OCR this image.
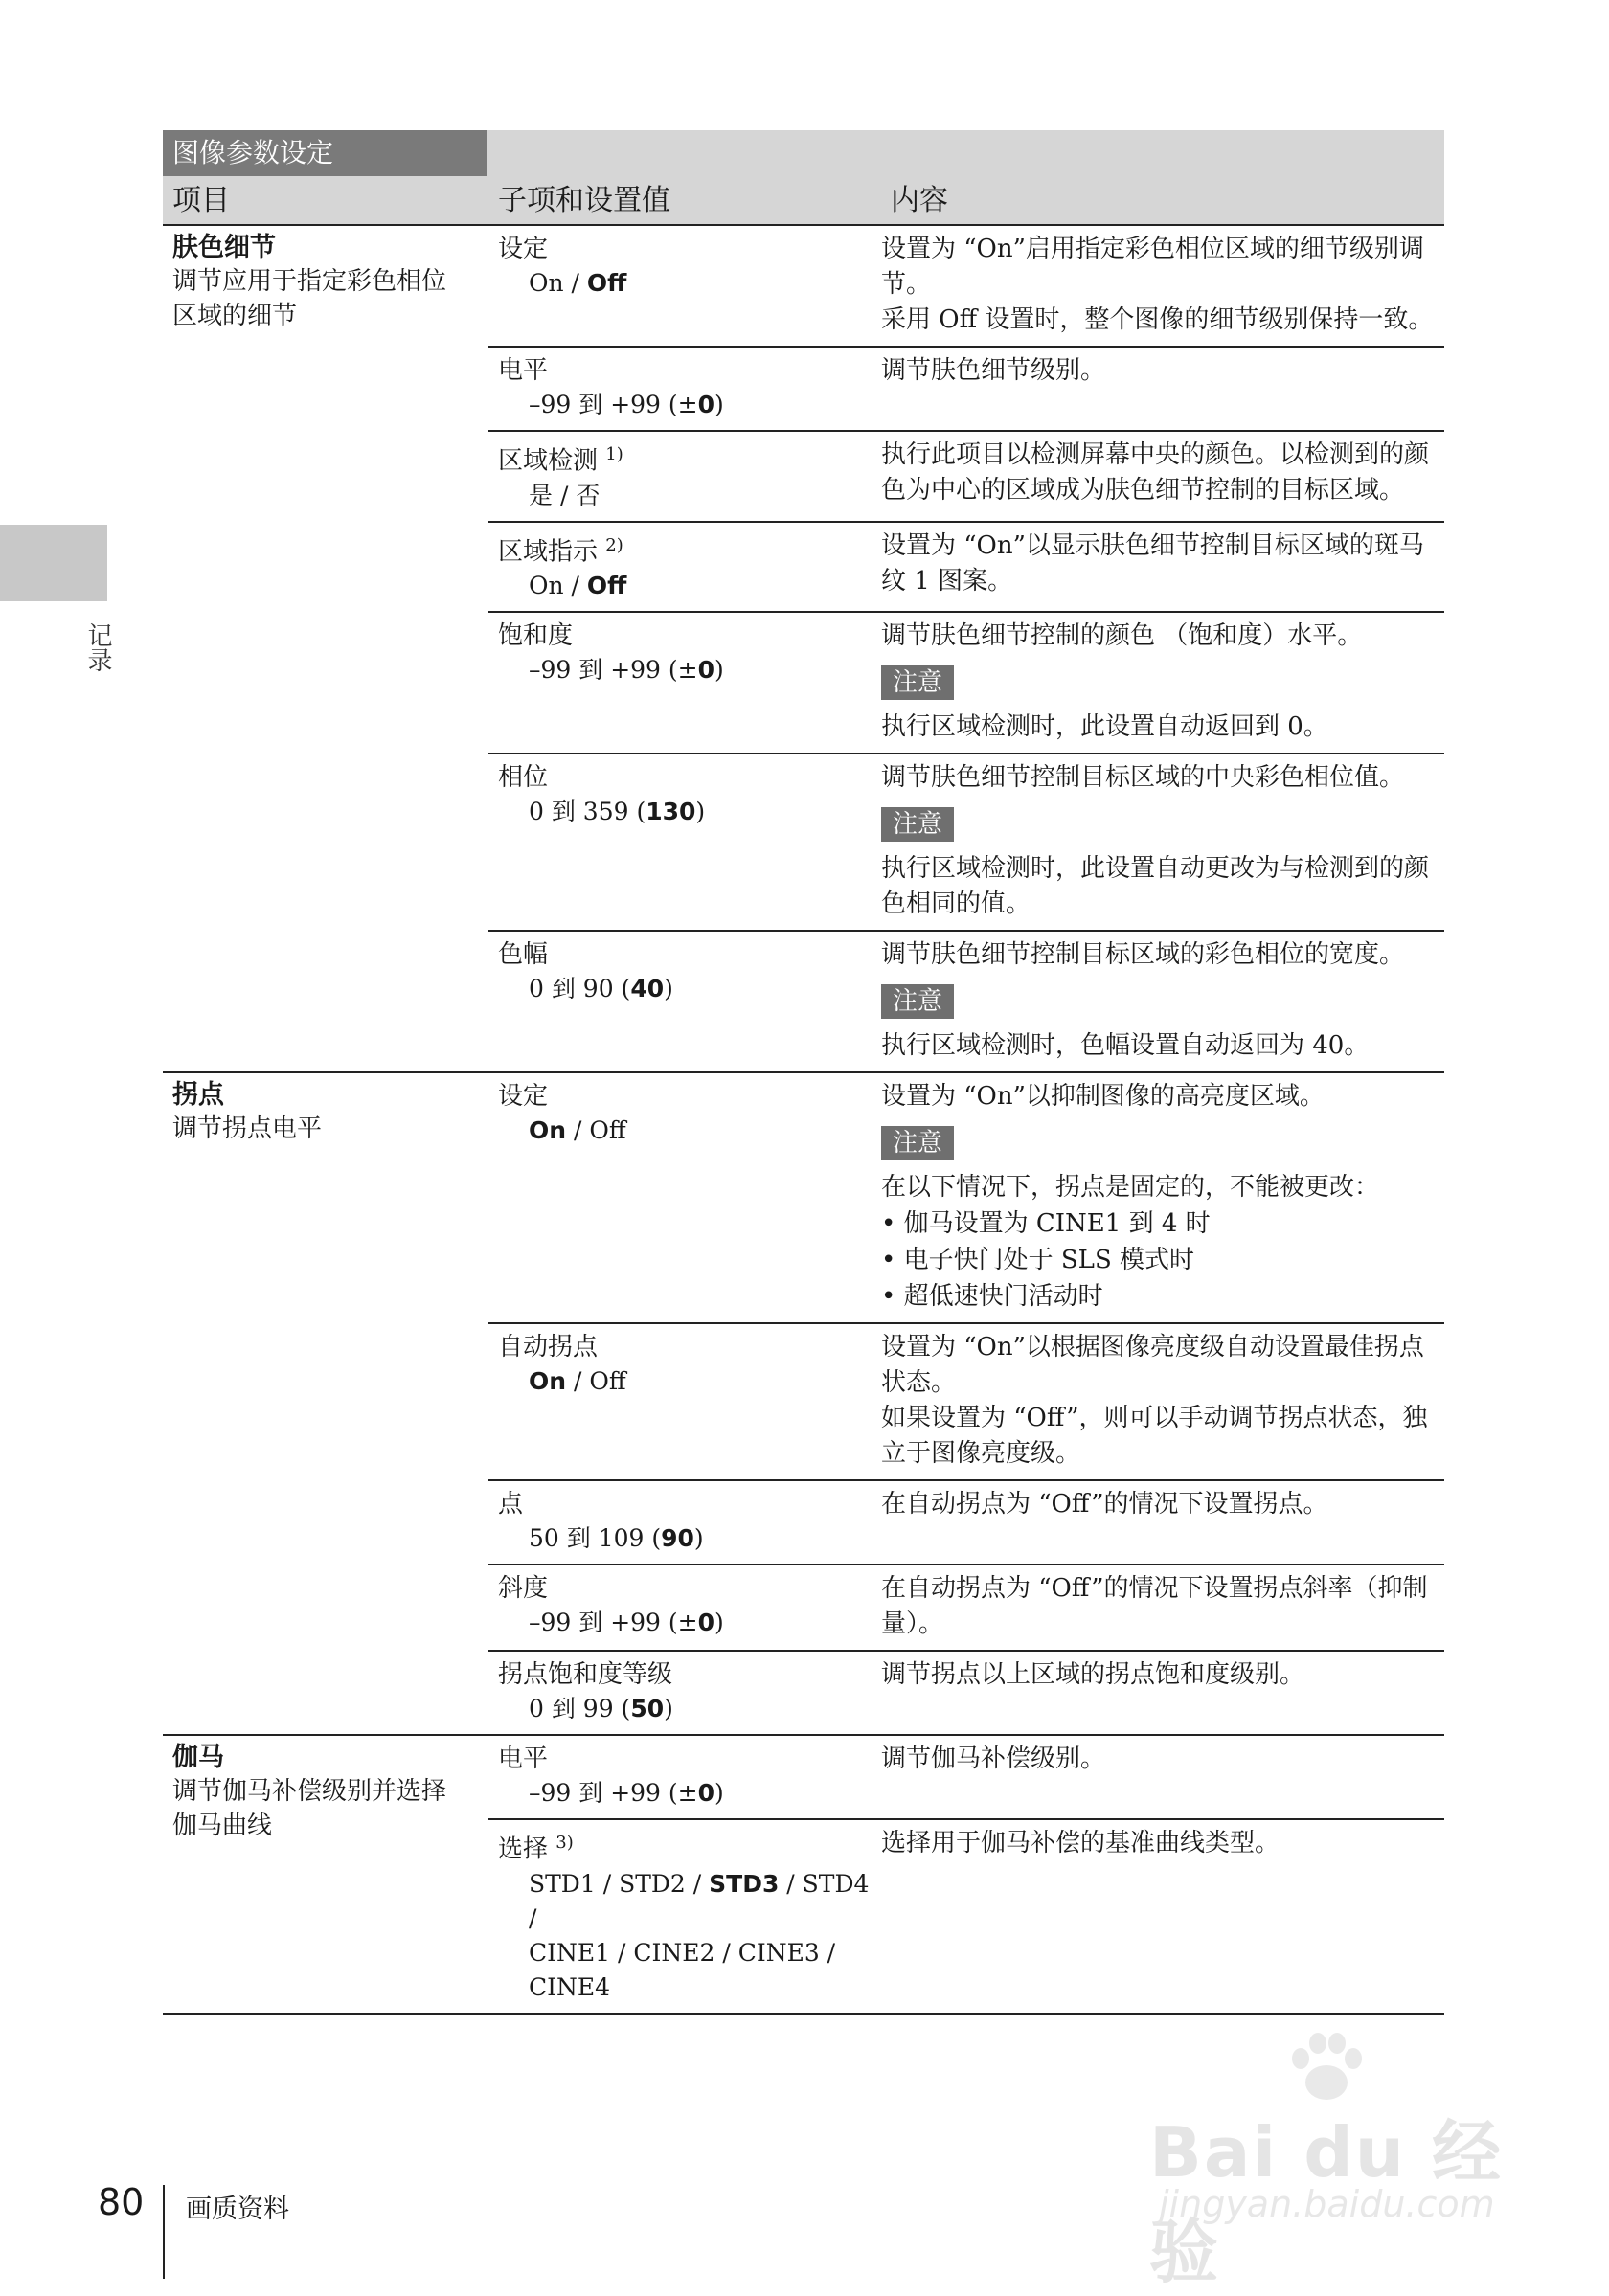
记录
图像参数设定
项目	子项和设置值	内容
肤色细节
调节应用于指定彩色相位
区域的细节
设定
On / Off

设置为 “On”启用指定彩色相位区域的细节级别调节。

采用 Off 设置时，整个图像的细节级别保持一致。

电平
–99 到 +99 (±0)

调节肤色细节级别。

区域检测 $^{1)}$
是 / 否

执行此项目以检测屏幕中央的颜色。以检测到的颜色为中心的区域成为肤色细节控制的目标区域。

区域指示 $^{2)}$
On / Off

设置为 “On”以显示肤色细节控制目标区域的斑马纹 1 图案。

饱和度
–99 到 +99 (±0)

调节肤色细节控制的颜色 （饱和度）水平。

注意

执行区域检测时，此设置自动返回到 0。

相位
0 到 359 (130)

调节肤色细节控制目标区域的中央彩色相位值。

注意

执行区域检测时，此设置自动更改为与检测到的颜色相同的值。

色幅
0 到 90 (40)

调节肤色细节控制目标区域的彩色相位的宽度。

注意

执行区域检测时，色幅设置自动返回为 40。

拐点
调节拐点电平
设定
On / Off

设置为 “On”以抑制图像的高亮度区域。

注意

在以下情况下，拐点是固定的，不能被更改：

• 伽马设置为 CINE1 到 4 时
• 电子快门处于 SLS 模式时
• 超低速快门活动时
自动拐点
On / Off

设置为 “On”以根据图像亮度级自动设置最佳拐点状态。

如果设置为 “Off”，则可以手动调节拐点状态，独立于图像亮度级。

点
50 到 109 (90)

在自动拐点为 “Off”的情况下设置拐点。

斜度
–99 到 +99 (±0)

在自动拐点为 “Off”的情况下设置拐点斜率（抑制量）。

拐点饱和度等级
0 到 99 (50)

调节拐点以上区域的拐点饱和度级别。

伽马
调节伽马补偿级别并选择
伽马曲线
电平
–99 到 +99 (±0)

调节伽马补偿级别。

选择 $^{3)}$
STD1 / STD2 / STD3 / STD4 /
CINE1 / CINE2 / CINE3 /
CINE4

选择用于伽马补偿的基准曲线类型。

80 画质资料
Bai du 经验
jingyan.baidu.com
